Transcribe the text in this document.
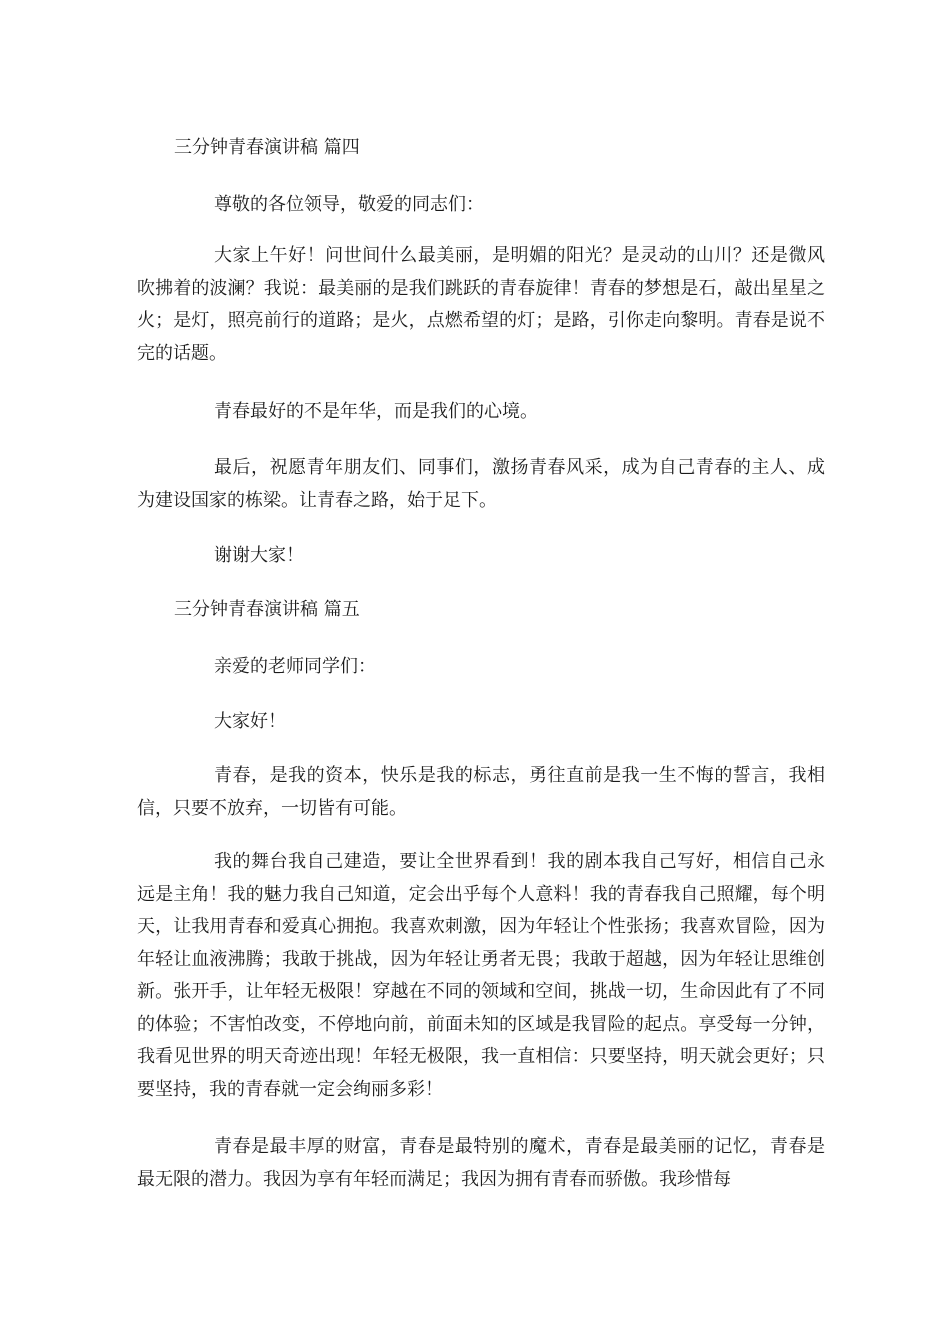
三分钟青春演讲稿 篇四

尊敬的各位领导，敬爱的同志们：

大家上午好！问世间什么最美丽，是明媚的阳光？是灵动的山川？还是微风吹拂着的波澜？我说：最美丽的是我们跳跃的青春旋律！青春的梦想是石，敲出星星之火；是灯，照亮前行的道路；是火，点燃希望的灯；是路，引你走向黎明。青春是说不完的话题。

青春最好的不是年华，而是我们的心境。

最后，祝愿青年朋友们、同事们，激扬青春风采，成为自己青春的主人、成为建设国家的栋梁。让青春之路，始于足下。

谢谢大家！

三分钟青春演讲稿 篇五

亲爱的老师同学们：

大家好！

青春，是我的资本，快乐是我的标志，勇往直前是我一生不悔的誓言，我相信，只要不放弃，一切皆有可能。

我的舞台我自己建造，要让全世界看到！我的剧本我自己写好，相信自己永远是主角！我的魅力我自己知道，定会出乎每个人意料！我的青春我自己照耀，每个明天，让我用青春和爱真心拥抱。我喜欢刺激，因为年轻让个性张扬；我喜欢冒险，因为年轻让血液沸腾；我敢于挑战，因为年轻让勇者无畏；我敢于超越，因为年轻让思维创新。张开手，让年轻无极限！穿越在不同的领域和空间，挑战一切，生命因此有了不同的体验；不害怕改变，不停地向前，前面未知的区域是我冒险的起点。享受每一分钟，我看见世界的明天奇迹出现！年轻无极限，我一直相信：只要坚持，明天就会更好；只要坚持，我的青春就一定会绚丽多彩！

青春是最丰厚的财富，青春是最特别的魔术，青春是最美丽的记忆，青春是最无限的潜力。我因为享有年轻而满足；我因为拥有青春而骄傲。我珍惜每
